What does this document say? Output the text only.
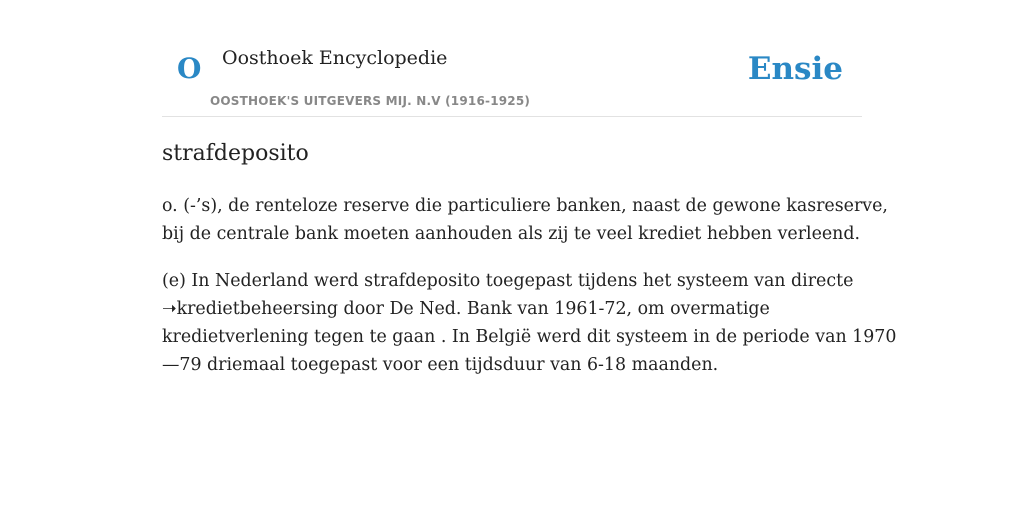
O Oosthoek Encyclopedie
OOSTHOEK'S UITGEVERS MIJ. N.V (1916-1925)
Ensie
strafdeposito

o. (-’s), de renteloze reserve die particuliere banken, naast de gewone kasreserve,
bij de centrale bank moeten aanhouden als zij te veel krediet hebben verleend.

(e) In Nederland werd strafdeposito toegepast tijdens het systeem van directe
➝kredietbeheersing door De Ned. Bank van 1961-72, om overmatige
kredietverlening tegen te gaan . In België werd dit systeem in de periode van 1970
—79 driemaal toegepast voor een tijdsduur van 6-18 maanden.
